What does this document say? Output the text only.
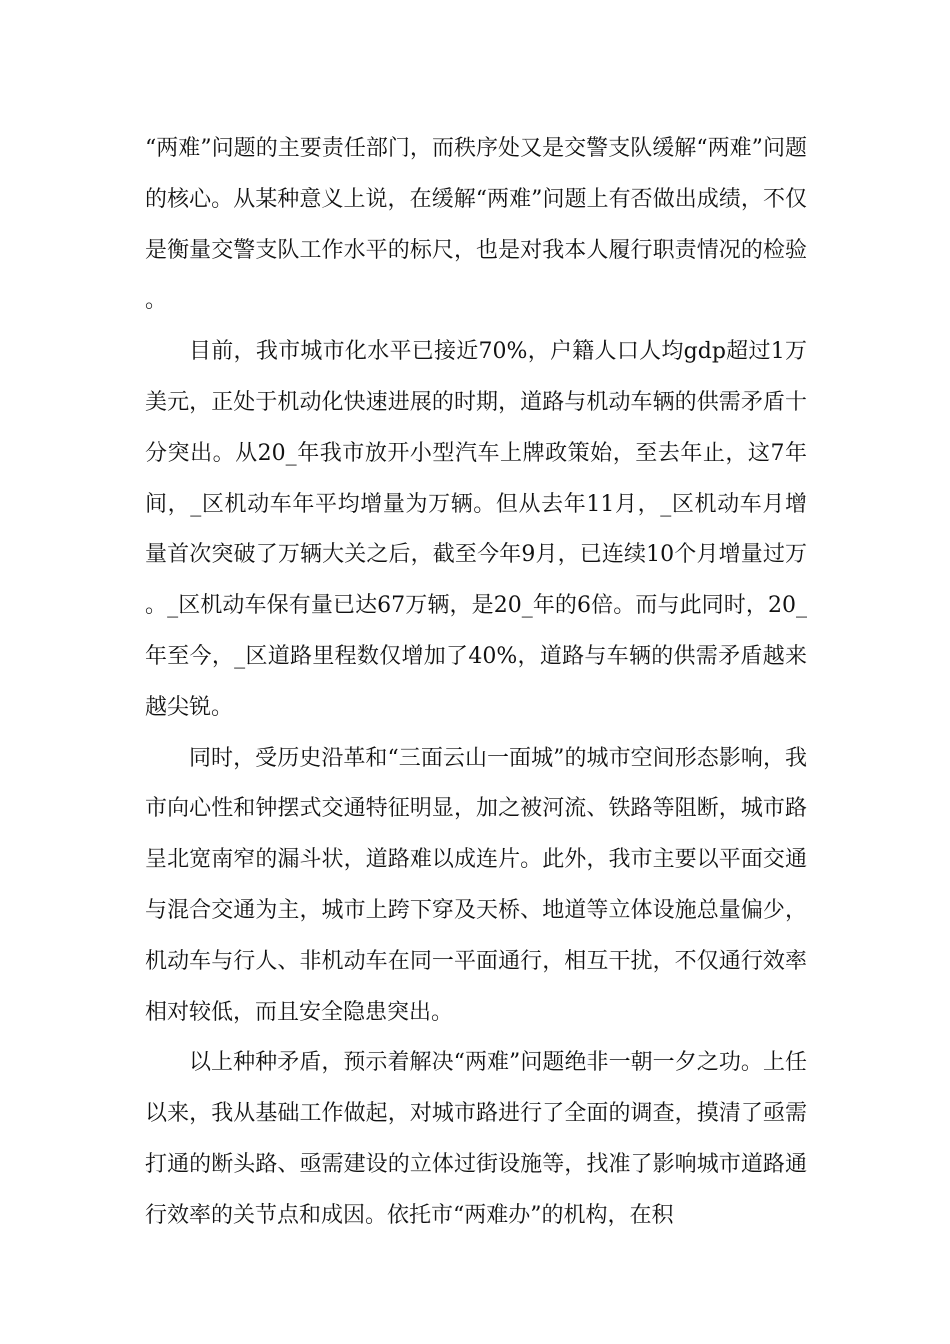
“两难”问题的主要责任部门，而秩序处又是交警支队缓解“两难”问题的核心。从某种意义上说，在缓解“两难”问题上有否做出成绩，不仅是衡量交警支队工作水平的标尺，也是对我本人履行职责情况的检验。

目前，我市城市化水平已接近70%，户籍人口人均gdp超过1万美元，正处于机动化快速进展的时期，道路与机动车辆的供需矛盾十分突出。从20_年我市放开小型汽车上牌政策始，至去年止，这7年间，_区机动车年平均增量为万辆。但从去年11月，_区机动车月增量首次突破了万辆大关之后，截至今年9月，已连续10个月增量过万。_区机动车保有量已达67万辆，是20_年的6倍。而与此同时，20_年至今，_区道路里程数仅增加了40%，道路与车辆的供需矛盾越来越尖锐。

同时，受历史沿革和“三面云山一面城”的城市空间形态影响，我市向心性和钟摆式交通特征明显，加之被河流、铁路等阻断，城市路呈北宽南窄的漏斗状，道路难以成连片。此外，我市主要以平面交通与混合交通为主，城市上跨下穿及天桥、地道等立体设施总量偏少，机动车与行人、非机动车在同一平面通行，相互干扰，不仅通行效率相对较低，而且安全隐患突出。

以上种种矛盾，预示着解决“两难”问题绝非一朝一夕之功。上任以来，我从基础工作做起，对城市路进行了全面的调查，摸清了亟需打通的断头路、亟需建设的立体过街设施等，找准了影响城市道路通行效率的关节点和成因。依托市“两难办”的机构，在积
